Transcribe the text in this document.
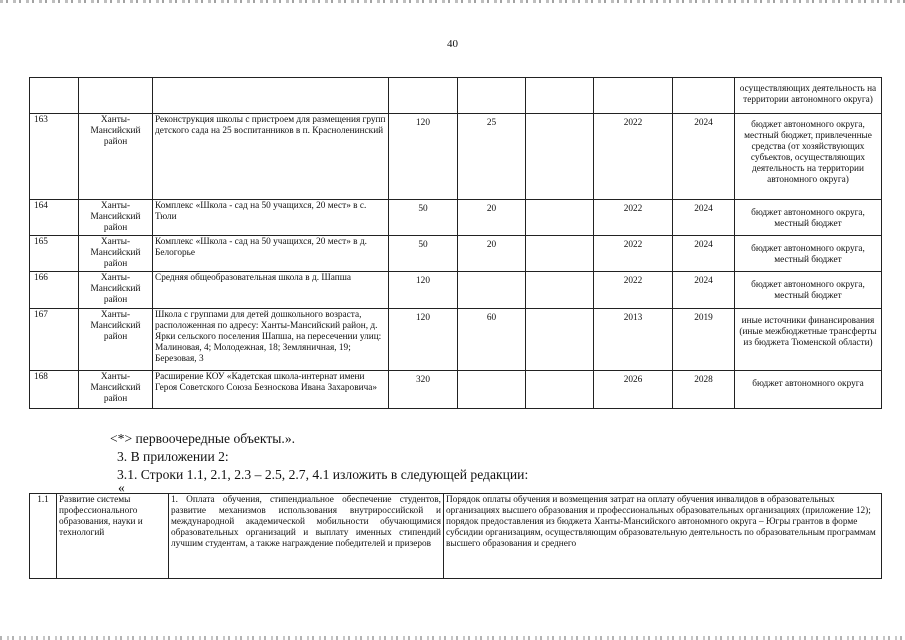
40
								осуществляющих деятельность на территории автономного округа)
163	Ханты-Мансийский район	Реконструкция школы с пристроем для размещения групп детского сада на 25 воспитанников в п. Красноленинский	120	25		2022	2024	бюджет автономного округа, местный бюджет, привлеченные средства (от хозяйствующих субъектов, осуществляющих деятельность на территории автономного округа)
164	Ханты-Мансийский район	Комплекс «Школа - сад на 50 учащихся, 20 мест» в с. Тюли	50	20		2022	2024	бюджет автономного округа, местный бюджет
165	Ханты-Мансийский район	Комплекс «Школа - сад на 50 учащихся, 20 мест» в д. Белогорье	50	20		2022	2024	бюджет автономного округа, местный бюджет
166	Ханты-Мансийский район	Средняя общеобразовательная школа в д. Шапша	120			2022	2024	бюджет автономного округа, местный бюджет
167	Ханты-Мансийский район	Школа с группами для детей дошкольного возраста, расположенная по адресу: Ханты-Мансийский район, д. Ярки сельского поселения Шапша, на пересечении улиц: Малиновая, 4; Молодежная, 18; Земляничная, 19; Березовая, 3	120	60		2013	2019	иные источники финансирования (иные межбюджетные трансферты из бюджета Тюменской области)
168	Ханты-Мансийский район	Расширение КОУ «Кадетская школа-интернат имени Героя Советского Союза Безноскова Ивана Захаровича»	320			2026	2028	бюджет автономного округа
<*> первоочередные объекты.».
3. В приложении 2:
3.1. Строки 1.1, 2.1, 2.3 – 2.5, 2.7, 4.1 изложить в следующей редакции:
«
1.1	Развитие системы профессионального образования, науки и технологий	1. Оплата обучения, стипендиальное обеспечение студентов, развитие механизмов использования внутрироссийской и международной академической мобильности обучающимися образовательных организаций и выплату именных стипендий лучшим студентам, а также награждение победителей и призеров	Порядок оплаты обучения и возмещения затрат на оплату обучения инвалидов в образовательных организациях высшего образования и профессиональных образовательных организациях (приложение 12); порядок предоставления из бюджета Ханты-Мансийского автономного округа – Югры грантов в форме субсидии организациям, осуществляющим образовательную деятельность по образовательным программам высшего образования и среднего
